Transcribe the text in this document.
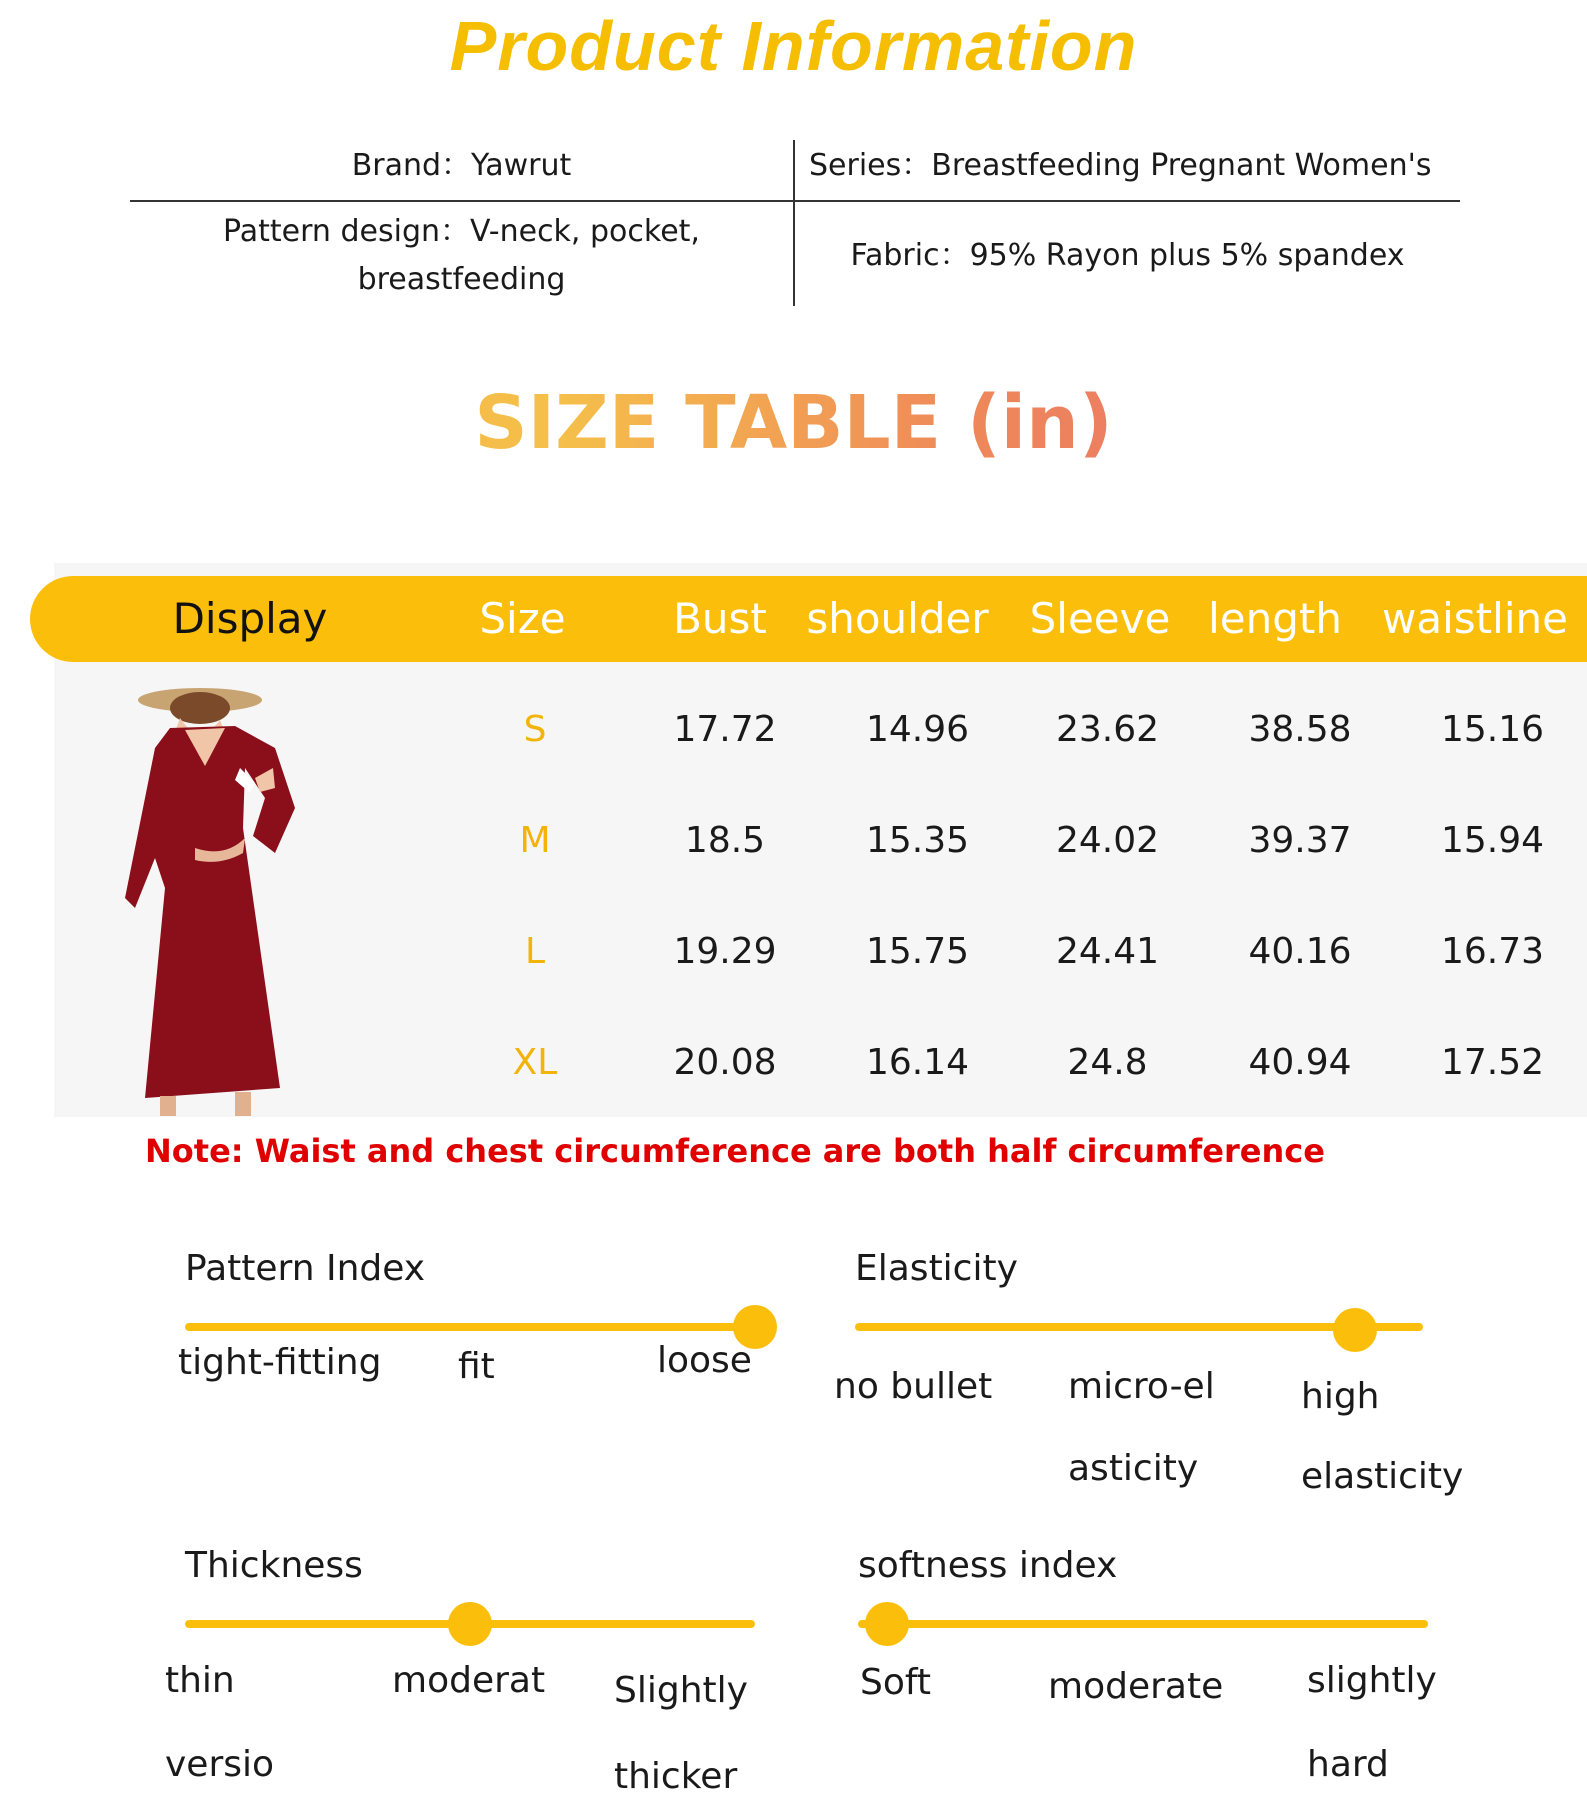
Product Information
Brand：Yawrut	Series：Breastfeeding Pregnant Women's
Pattern design：V-neck, pocket,
breastfeeding
Fabric：95% Rayon plus 5% spandex
SIZE TABLE (in)
Display	Size	Bust shoulder Sleeve length waistline
S	17.72	14.96	23.62	38.58	15.16
M	18.5	15.35	24.02	39.37	15.94
L	19.29	15.75	24.41	40.16	16.73
XL	20.08	16.14	24.8	40.94	17.52
Note: Waist and chest circumference are both half circumference
Pattern Index
tight-fitting fit	loose
Elasticity
no bullet micro-el
asticity
high
elasticity
Thickness
thin
versio
moderat Slightly
thicker
softness index
Soft	moderate slightly
hard
